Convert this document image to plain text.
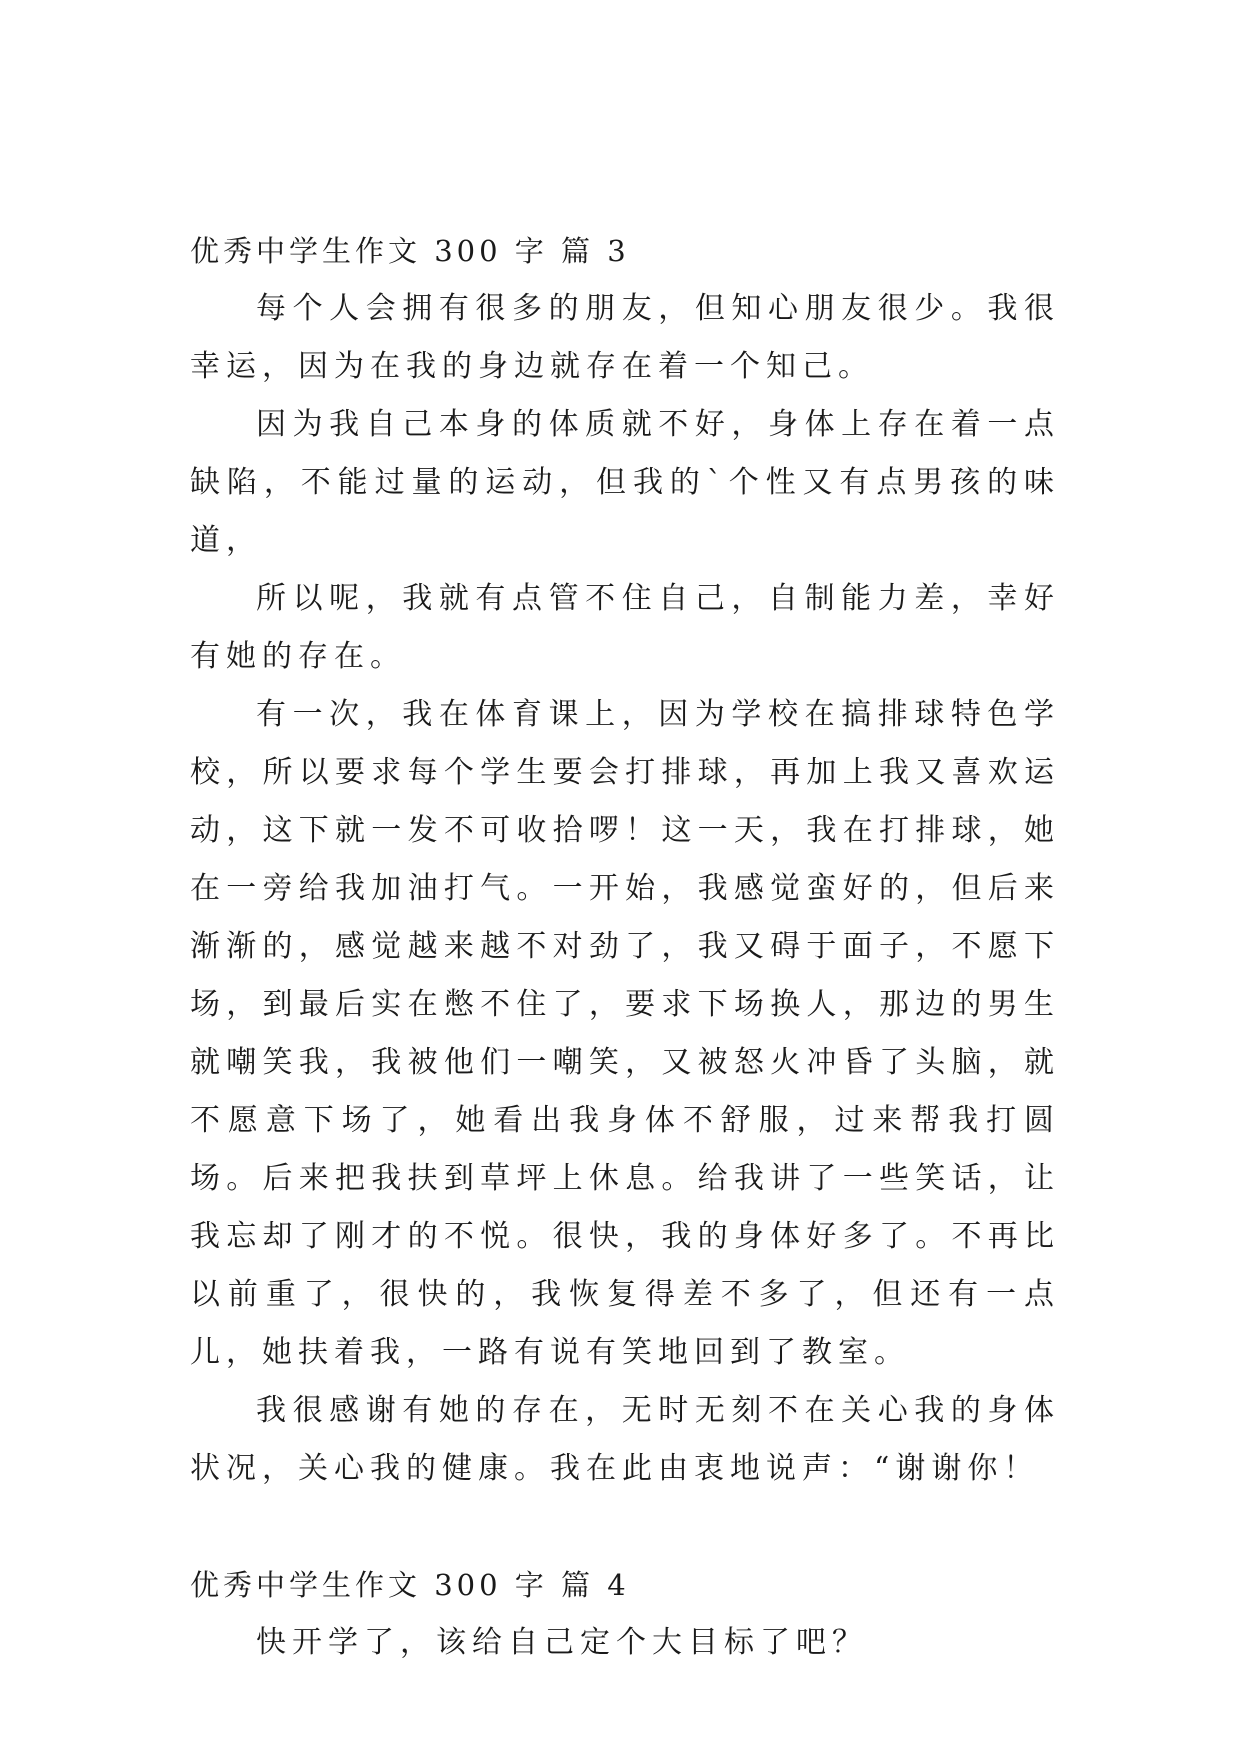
优秀中学生作文 300 字 篇 3

每个人会拥有很多的朋友，但知心朋友很少。我很幸运，因为在我的身边就存在着一个知己。

因为我自己本身的体质就不好，身体上存在着一点缺陷，不能过量的运动，但我的`个性又有点男孩的味道，

所以呢，我就有点管不住自己，自制能力差，幸好有她的存在。

有一次，我在体育课上，因为学校在搞排球特色学校，所以要求每个学生要会打排球，再加上我又喜欢运动，这下就一发不可收拾啰！这一天，我在打排球，她在一旁给我加油打气。一开始，我感觉蛮好的，但后来渐渐的，感觉越来越不对劲了，我又碍于面子，不愿下场，到最后实在憋不住了，要求下场换人，那边的男生就嘲笑我，我被他们一嘲笑，又被怒火冲昏了头脑，就不愿意下场了，她看出我身体不舒服，过来帮我打圆场。后来把我扶到草坪上休息。给我讲了一些笑话，让我忘却了刚才的不悦。很快，我的身体好多了。不再比以前重了，很快的，我恢复得差不多了，但还有一点儿，她扶着我，一路有说有笑地回到了教室。

我很感谢有她的存在，无时无刻不在关心我的身体状况，关心我的健康。我在此由衷地说声：“谢谢你！

优秀中学生作文 300 字 篇 4

快开学了，该给自己定个大目标了吧？
